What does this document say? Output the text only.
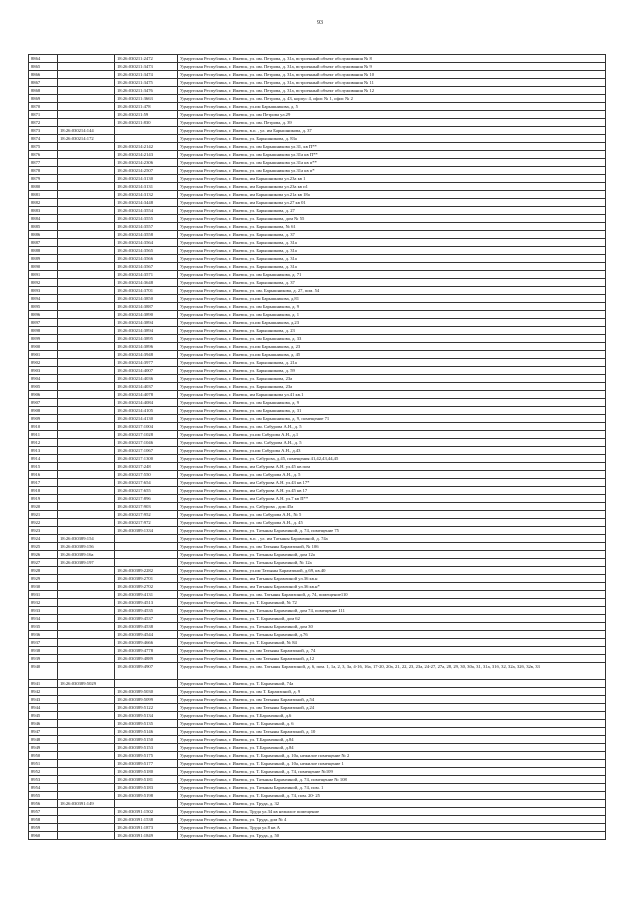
93
8864		18:26:030211:2472	Удмуртская Республика, г. Ижевск, ул. им. Петрова, д. 31а, встроенный объект обслуживания № 8
8865		18:26:030211:3473	Удмуртская Республика, г. Ижевск, ул. им. Петрова, д. 31а, встроенный объект обслуживания № 9
8866		18:26:030211:3474	Удмуртская Республика, г. Ижевск, ул. им. Петрова, д. 31а, встроенный объект обслуживания № 10
8867		18:26:030211:3475	Удмуртская Республика, г. Ижевск, ул. им. Петрова, д. 31а, встроенный объект обслуживания № 11
8868		18:26:030211:3476	Удмуртская Республика, г. Ижевск, ул. им. Петрова, д. 31а, встроенный объект обслуживания № 12
8869		18:26:030211:3663	Удмуртская Республика, г. Ижевск, ул. им. Петрова, д. 43, корпус 4, офис № 1, офис № 2
8870		18:26:030211:478	Удмуртская Республика, г. Ижевск, ул.им Барышникова, д. 5
8871		18:26:030211:59	Удмуртская Республика, г. Ижевск, ул. им Петрова ул.29
8872		18:26:030211:830	Удмуртская Республика, г. Ижевск, ул. им. Петрова, д. 39
8873	18:26:030214:144		Удмуртская Республика, г. Ижевск, в.п. , ул. им Барышникова, д. 37
8874	18:26:030214:172		Удмуртская Республика, г. Ижевск, ул. Барышникова, д. 83а
8875		18:26:030214:2142	Удмуртская Республика, г. Ижевск, ул. им Барышникова ул.31, кв П**
8876		18:26:030214:2143	Удмуртская Республика, г. Ижевск, ул. им Барышникова ул.31а кв П**
8877		18:26:030214:2306	Удмуртская Республика, г. Ижевск, ул. им Барышникова ул.31а кв п**
8878		18:26:030214:2507	Удмуртская Республика, г. Ижевск, ул. им Барышникова ул.31а кв п*
8879		18:26:030214:3130	Удмуртская Республика, г. Ижевск, им Барышникова ул.23а кв 1
8880		18:26:030214:3131	Удмуртская Республика, г. Ижевск, им Барышникова ул.23а кв п1
8881		18:26:030214:3132	Удмуртская Республика, г. Ижевск, им Барышникова ул.21а кв 18а
8882		18:26:030214:3448	Удмуртская Республика, г. Ижевск, им Барышникова ул.27 кв 01
8883		18:26:030214:3554	Удмуртская Республика, г. Ижевск, ул. Барышникова, д. 27
8884		18:26:030214:3555	Удмуртская Республика, г. Ижевск, ул. Барышникова, дом № 55
8885		18:26:030214:3557	Удмуртская Республика, г. Ижевск, ул. Барышникова, № 61
8886		18:26:030214:3558	Удмуртская Республика, г. Ижевск, ул. Барышникова, д. 37
8887		18:26:030214:3564	Удмуртская Республика, г. Ижевск, ул. Барышникова, д. 31а
8888		18:26:030214:3565	Удмуртская Республика, г. Ижевск, ул. Барышникова, д. 31а
8889		18:26:030214:3566	Удмуртская Республика, г. Ижевск, ул. Барышникова, д. 31а
8890		18:26:030214:3567	Удмуртская Республика, г. Ижевск, ул. Барышникова, д. 31а
8891		18:26:030214:3571	Удмуртская Республика, г. Ижевск, ул. им Барышникова, д. 71
8892		18:26:030214:3648	Удмуртская Республика, г. Ижевск, ул. Барышникова, д. 37
8893		18:26:030214:3701	Удмуртская Республика, г. Ижевск, ул. им. Барышникова, д. 27, пом. 54
8894		18:26:030214:3850	Удмуртская Республика, г. Ижевск, ул.им Барышникова, д.81
8895		18:26:030214:3887	Удмуртская Республика, г. Ижевск, ул. им Барышникова, д. 9
8896		18:26:030214:3890	Удмуртская Республика, г. Ижевск, ул. им Барышникова, д. 1
8897		18:26:030214:3894	Удмуртская Республика, г. Ижевск, ул.им Барышникова, д.23
8898		18:26:030214:3894	Удмуртская Республика, г. Ижевск, ул. Барышникова, д. 23
8899		18:26:030214:3895	Удмуртская Республика, г. Ижевск, ул. им Барышникова, д. 33
8900		18:26:030214:3896	Удмуртская Республика, г. Ижевск, ул.им Барышникова, д. 23
8901		18:26:030214:3948	Удмуртская Республика, г. Ижевск, ул.им Барышникова, д. 45
8902		18:26:030214:3977	Удмуртская Республика, г. Ижевск, ул. Барышникова, д. 21а
8903		18:26:030214:4007	Удмуртская Республика, г. Ижевск, ул. Барышникова, д. 59
8904		18:26:030214:4036	Удмуртская Республика, г. Ижевск, ул. Барышникова, 23а
8905		18:26:030214:4037	Удмуртская Республика, г. Ижевск, ул. Барышникова, 23а
8906		18:26:030214:4078	Удмуртская Республика, г. Ижевск, им Барышникова ул.41 кв.1
8907		18:26:030214:4084	Удмуртская Республика, г. Ижевск, ул. им Барышникова, д. 9
8908		18:26:030214:4105	Удмуртская Республика, г. Ижевск, ул. им Барышникова, д. 31
8909		18:26:030214:4130	Удмуртская Республика, г. Ижевск, ул. им Барышникова, д. 9, помещение 71
8910		18:26:030217:1004	Удмуртская Республика, г. Ижевск, ул. им. Сабурова А.Н., д. 5
8911		18:26:030217:1028	Удмуртская Республика, г. Ижевск, ул.им Сабурова А.Н., д.1
8912		18:26:030217:1046	Удмуртская Республика, г. Ижевск, ул. им. Сабурова А.Н., д. 5
8913		18:26:030217:1067	Удмуртская Республика, г. Ижевск, ул.им Сабурова А.Н., д.43
8914		18:26:030217:1300	Удмуртская Республика, г. Ижевск, ул. Сабурова, д.45, помещения 41,42,43,44,45
8915		18:26:030217:248	Удмуртская Республика, г. Ижевск, им Сабурова А.Н. ул.45 кв пом
8916		18:26:030217:550	Удмуртская Республика, г. Ижевск, ул. им Сабурова А.Н., д. 5
8917		18:26:030217:654	Удмуртская Республика, г. Ижевск, им Сабурова А.Н. ул.43 кв 17*
8918		18:26:030217:655	Удмуртская Республика, г. Ижевск, им Сабурова А.Н. ул.45 кв 17
8919		18:26:030217:896	Удмуртская Республика, г. Ижевск, им Сабурова А.Н. ул.7 кв П**
8920		18:26:030217:903	Удмуртская Республика, г. Ижевск, ул. Сабурова , дом 45а
8921		18:26:030217:952	Удмуртская Республика, г. Ижевск, ул. им Сабурова А.Н., № 5
8922		18:26:030217:972	Удмуртская Республика, г. Ижевск, ул. им Сабурова А.Н., д. 45
8923		18:26:030389:1334	Удмуртская Республика, г. Ижевск, ул. Татьяны Барамзиной, д. 74, помещение 75
8924	18:26:030389:154		Удмуртская Республика, г. Ижевск, в.п. , ул. им Татьяны Барамзиной, д. 74а
8925	18:26:030389:156		Удмуртская Республика, г. Ижевск, ул. им Татьяны Барамзиной, № 106
8926	18:26:030389:16а		Удмуртская Республика, г. Ижевск, ул. Татьяны Барамзиной, дом 12а
8927	18:26:030389:197		Удмуртская Республика, г. Ижевск, ул. Татьяны Барамзиной, № 12а
8928		18:26:030389:2282	Удмуртская Республика, г. Ижевск, ул.им Татьяны Барамзиной, д.69, кв.40
8929		18:26:030389:2701	Удмуртская Республика, г. Ижевск, им Татьяны Барамзиной ул.36 кв.н
8930		18:26:030389:2702	Удмуртская Республика, г. Ижевск, им Татьяны Барамзиной ул.36 кв.н*
8931		18:26:030389:4131	Удмуртская Республика, г. Ижевск, ул. им. Татьяны Барамзиной, д. 74, помещение110
8932		18:26:030389:4513	Удмуртская Республика, г. Ижевск, ул. Т. Барамзиной, № 72
8933		18:26:030389:4535	Удмуртская Республика, г. Ижевск, ул. Татьяны Барамзиной, дом 74, помещение 111
8934		18:26:030389:4537	Удмуртская Республика, г. Ижевск, ул. Т. Барамзиной, дом 62
8935		18:26:030389:4538	Удмуртская Республика, г. Ижевск, ул. Татьяны Барамзиной, дом 30
8936		18:26:030389:4544	Удмуртская Республика, г. Ижевск, ул. Татьяны Барамзиной, д.76
8937		18:26:030389:4666	Удмуртская Республика, г. Ижевск, ул. Т. Барамзиной, № 84
8938		18:26:030389:4778	Удмуртская Республика, г. Ижевск, ул. им Татьяны Барамзиной, д. 74
8939		18:26:030389:4889	Удмуртская Республика, г. Ижевск, ул. им Татьяны Барамзиной, д.12
8940		18:26:030389:4907	Удмуртская Республика, г. Ижевск, ул. им. Татьяны Барамзиной, д. 6, пом. 1, 1а, 2, 3, 3а, 4-16, 16а, 17-20, 20а, 21, 22, 23, 23а, 24-27, 27а, 28, 29, 30, 30а, 31, 31а, 31б, 32, 32а, 32б, 32в, 33
8941	18:26:030389:5029		Удмуртская Республика, г. Ижевск, ул. Т. Барамзиной, 74а
8942		18:26:030389:5030	Удмуртская Республика, г. Ижевск, ул. им Т. Барамзиной, д. 9
8943		18:26:030389:5099	Удмуртская Республика, г. Ижевск, ул. им Татьяны Барамзиной, д.54
8944		18:26:030389:5122	Удмуртская Республика, г. Ижевск, ул. им Татьяны Барамзиной, д.24
8945		18:26:030389:5134	Удмуртская Республика, г. Ижевск, ул. Т.Барамзиной, д.6
8946		18:26:030389:5135	Удмуртская Республика, г. Ижевск, ул. Т. Барамзиной, д. 6
8947		18:26:030389:5146	Удмуртская Республика, г. Ижевск, ул. им Татьяны Барамзиной, д. 10
8948		18:26:030389:5150	Удмуртская Республика, г. Ижевск, ул. Т.Барамзиной, д.84
8949		18:26:030389:5153	Удмуртская Республика, г. Ижевск, ул. Т.Барамзиной, д.84
8950		18:26:030389:5175	Удмуртская Республика, г. Ижевск, ул. Т. Барамзиной, д. 10а, нежилое помещение № 2
8951		18:26:030389:5177	Удмуртская Республика, г. Ижевск, ул. Т. Барамзиной, д. 10а, нежилое помещение 1
8952		18:26:030389:5180	Удмуртская Республика, г. Ижевск, ул. Т. Барамзиной, д. 74, помещение №109
8953		18:26:030389:5181	Удмуртская Республика, г. Ижевск, ул. Татьяны Барамзиной, д. 74, помещение № 108
8954		18:26:030389:5183	Удмуртская Республика, г. Ижевск, ул. Татьяны Барамзиной, д. 74, пом. 1
8955		18:26:030389:5198	Удмуртская Республика, г. Ижевск, ул. Т. Барамзиной, д. 74, пом. 20- 25
8956	18:26:030391:149		Удмуртская Республика, г. Ижевск, ул. Труда, д. 32
8957		18:26:030391:1502	Удмуртская Республика, г. Ижевск, Труда ул.34 кв нежилое помещение
8958		18:26:030391:1538	Удмуртская Республика, г. Ижевск, ул. Труда, дом № 4
8959		18:26:030391:1873	Удмуртская Республика, г. Ижевск, Труда ул.8 кв А
8960		18:26:030391:1849	Удмуртская Республика, г. Ижевск, ул. Труда, д. 50
